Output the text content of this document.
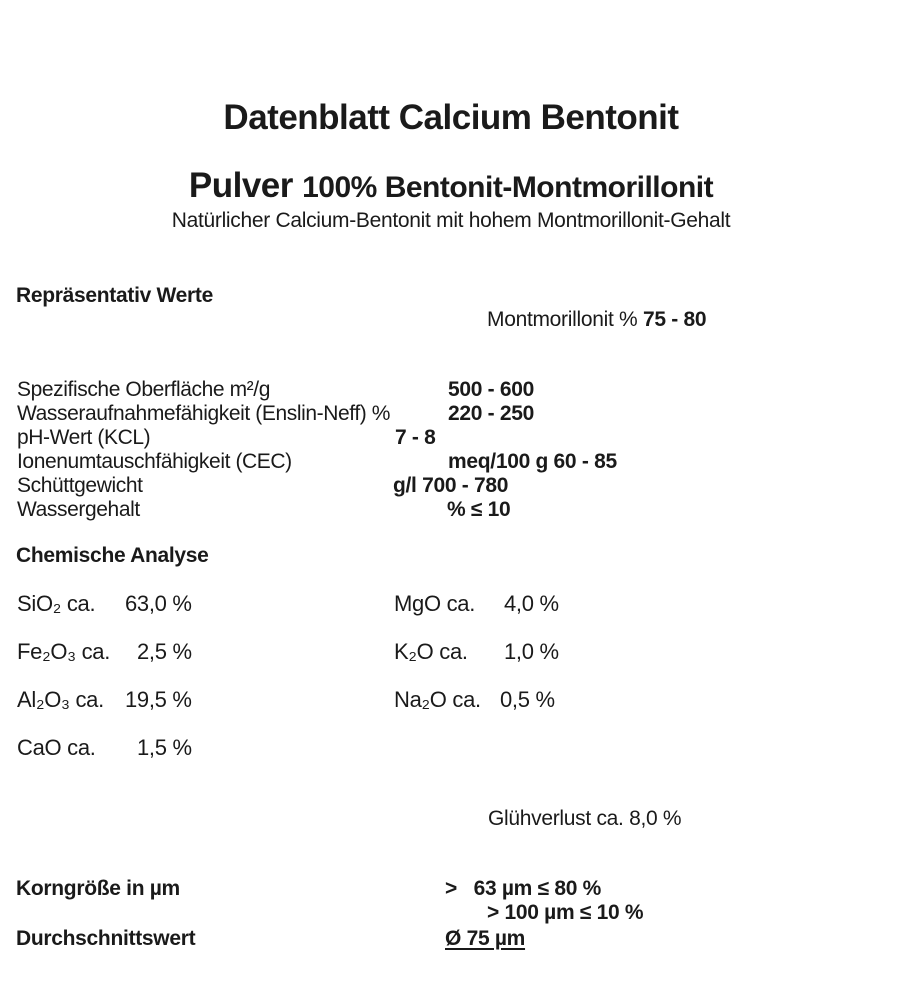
Datenblatt Calcium Bentonit
Pulver 100% Bentonit-Montmorillonit
Natürlicher Calcium-Bentonit mit hohem Montmorillonit-Gehalt
Repräsentativ Werte
Montmorillonit % 75 - 80
Spezifische Oberfläche m²/g	500 - 600
Wasseraufnahmefähigkeit (Enslin-Neff) %	220 - 250
pH-Wert (KCL)	7 - 8
Ionenumtauschfähigkeit (CEC)	meq/100 g 60 - 85
Schüttgewicht	g/l 700 - 780
Wassergehalt	% ≤ 10
Chemische Analyse
SiO₂ ca. 63,0 %	MgO ca. 4,0 %
Fe₂O₃ ca. 2,5 %	K₂O ca. 1,0 %
Al₂O₃ ca. 19,5 %	Na₂O ca. 0,5 %
CaO ca. 1,5 %
Glühverlust ca. 8,0 %
Korngröße in µm	>   63 µm ≤ 80 %
> 100 µm ≤ 10 %
Durchschnittswert	Ø 75 µm
